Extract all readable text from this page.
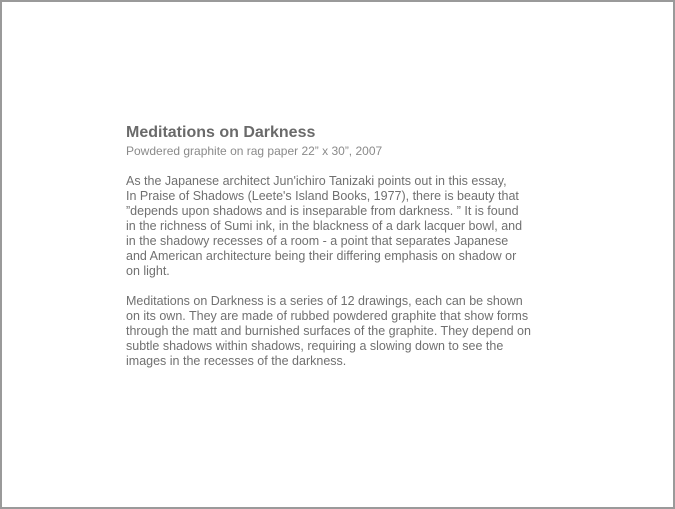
Meditations on Darkness
Powdered graphite on rag paper 22” x 30”, 2007

As the Japanese architect Jun'ichiro Tanizaki points out in this essay,
In Praise of Shadows (Leete's Island Books, 1977), there is beauty that
”depends upon shadows and is inseparable from darkness. ” It is found
in the richness of Sumi ink, in the blackness of a dark lacquer bowl, and
in the shadowy recesses of a room - a point that separates Japanese
and American architecture being their differing emphasis on shadow or
on light.

Meditations on Darkness is a series of 12 drawings, each can be shown
on its own. They are made of rubbed powdered graphite that show forms
through the matt and burnished surfaces of the graphite. They depend on
subtle shadows within shadows, requiring a slowing down to see the
images in the recesses of the darkness.
